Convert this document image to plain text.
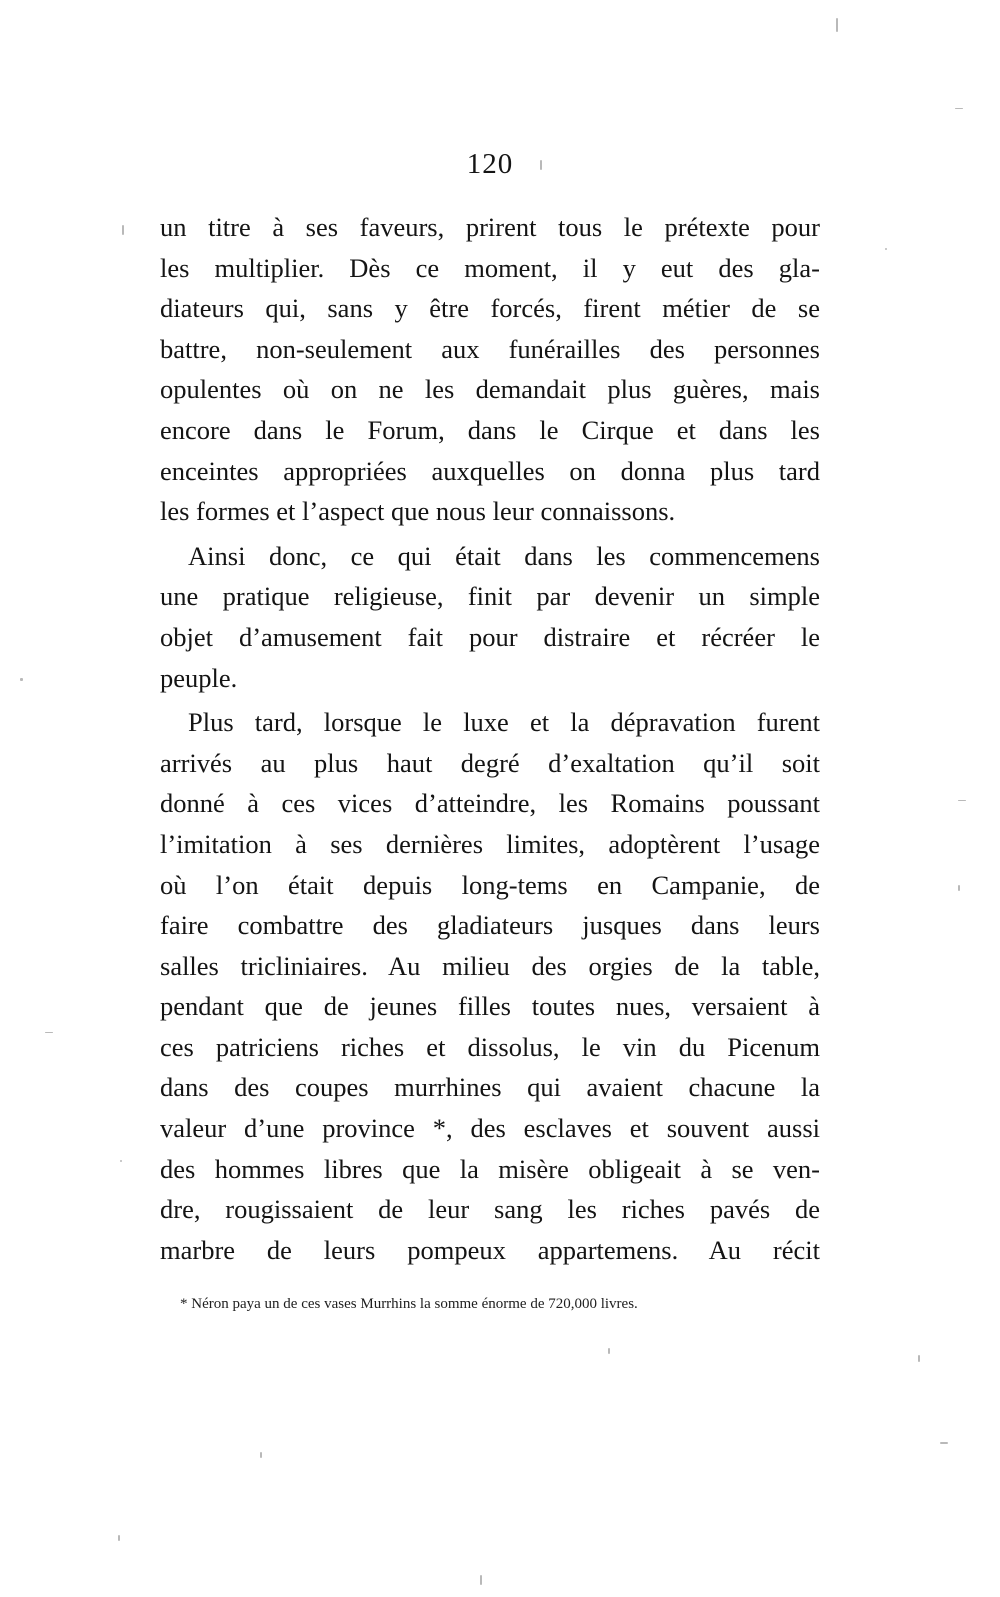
120
un titre à ses faveurs, prirent tous le prétexte pour
les multiplier. Dès ce moment, il y eut des gla-
diateurs qui, sans y être forcés, firent métier de se
battre, non-seulement aux funérailles des personnes
opulentes où on ne les demandait plus guères, mais
encore dans le Forum, dans le Cirque et dans les
enceintes appropriées auxquelles on donna plus tard
les formes et l’aspect que nous leur connaissons.
Ainsi donc, ce qui était dans les commencemens
une pratique religieuse, finit par devenir un simple
objet d’amusement fait pour distraire et récréer le
peuple.
Plus tard, lorsque le luxe et la dépravation furent
arrivés au plus haut degré d’exaltation qu’il soit
donné à ces vices d’atteindre, les Romains poussant
l’imitation à ses dernières limites, adoptèrent l’usage
où l’on était depuis long-tems en Campanie, de
faire combattre des gladiateurs jusques dans leurs
salles tricliniaires. Au milieu des orgies de la table,
pendant que de jeunes filles toutes nues, versaient à
ces patriciens riches et dissolus, le vin du Picenum
dans des coupes murrhines qui avaient chacune la
valeur d’une province *, des esclaves et souvent aussi
des hommes libres que la misère obligeait à se ven-
dre, rougissaient de leur sang les riches pavés de
marbre de leurs pompeux appartemens. Au récit
* Néron paya un de ces vases Murrhins la somme énorme de 720,000 livres.
